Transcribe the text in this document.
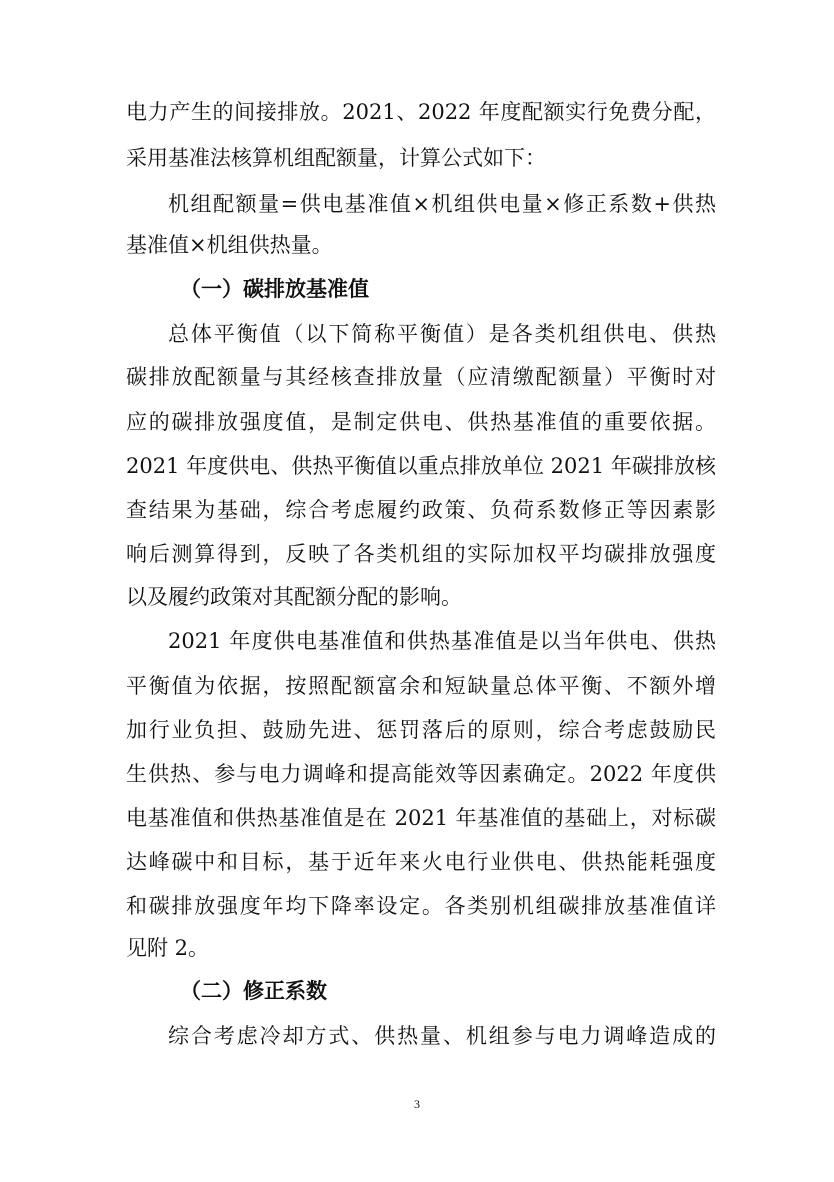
电力产生的间接排放。2021、2022 年度配额实行免费分配，
采用基准法核算机组配额量，计算公式如下：
机组配额量=供电基准值×机组供电量×修正系数+供热
基准值×机组供热量。
（一）碳排放基准值
总体平衡值（以下简称平衡值）是各类机组供电、供热
碳排放配额量与其经核查排放量（应清缴配额量）平衡时对
应的碳排放强度值，是制定供电、供热基准值的重要依据。
2021 年度供电、供热平衡值以重点排放单位 2021 年碳排放核
查结果为基础，综合考虑履约政策、负荷系数修正等因素影
响后测算得到，反映了各类机组的实际加权平均碳排放强度
以及履约政策对其配额分配的影响。
2021 年度供电基准值和供热基准值是以当年供电、供热
平衡值为依据，按照配额富余和短缺量总体平衡、不额外增
加行业负担、鼓励先进、惩罚落后的原则，综合考虑鼓励民
生供热、参与电力调峰和提高能效等因素确定。2022 年度供
电基准值和供热基准值是在 2021 年基准值的基础上，对标碳
达峰碳中和目标，基于近年来火电行业供电、供热能耗强度
和碳排放强度年均下降率设定。各类别机组碳排放基准值详
见附 2。
（二）修正系数
综合考虑冷却方式、供热量、机组参与电力调峰造成的
3
